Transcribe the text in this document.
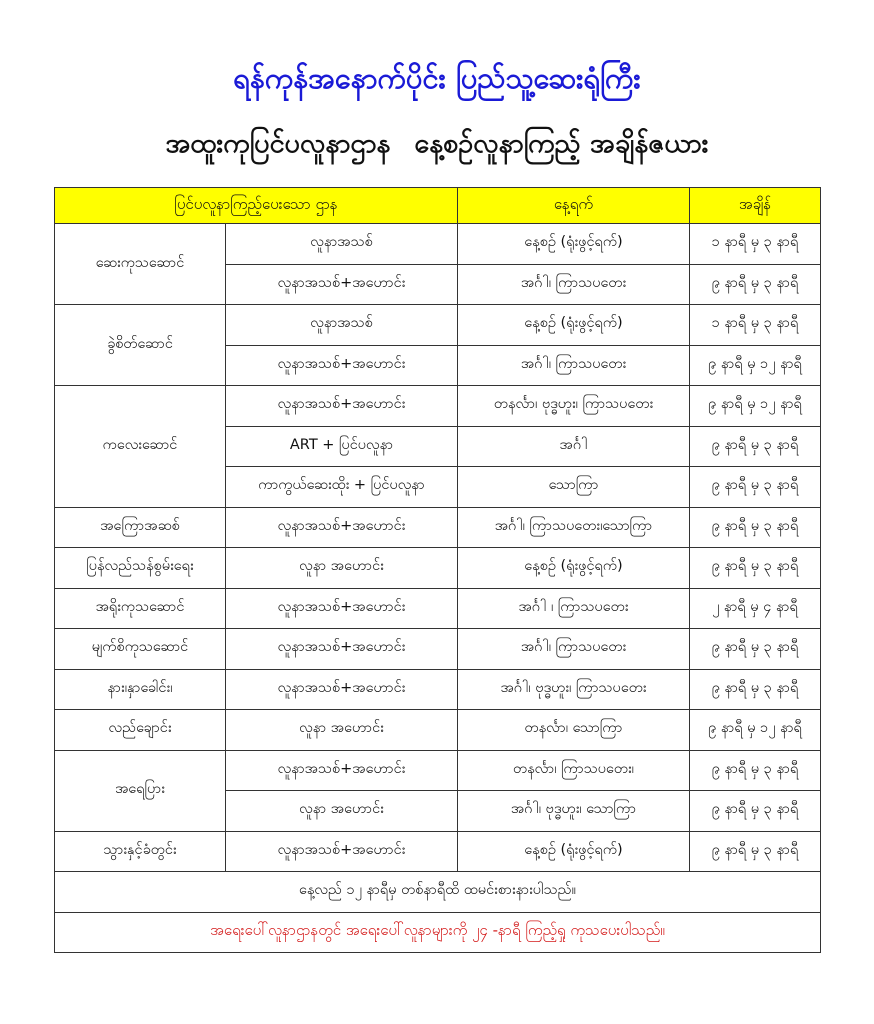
ရန်ကုန်အနောက်ပိုင်း ပြည်သူ့ဆေးရုံကြီး
အထူးကုပြင်ပလူနာဌာန နေ့စဉ်လူနာကြည့် အချိန်ဇယား
ပြင်ပလူနာကြည့်ပေးသော ဌာန		နေ့ရက်	အချိန်
ဆေးကုသဆောင်	လူနာအသစ်	နေ့စဉ် (ရုံးဖွင့်ရက်)	၁ နာရီ မှ ၃ နာရီ
	လူနာအသစ်+အဟောင်း	အင်္ဂါ၊ ကြာသပတေး	၉ နာရီ မှ ၃ နာရီ
ခွဲစိတ်ဆောင်	လူနာအသစ်	နေ့စဉ် (ရုံးဖွင့်ရက်)	၁ နာရီ မှ ၃ နာရီ
	လူနာအသစ်+အဟောင်း	အင်္ဂါ၊ ကြာသပတေး	၉ နာရီ မှ ၁၂ နာရီ
ကလေးဆောင်	လူနာအသစ်+အဟောင်း	တနင်္လာ၊ ဗုဒ္ဓဟူး၊ ကြာသပတေး	၉ နာရီ မှ ၁၂ နာရီ
	ART + ပြင်ပလူနာ	အင်္ဂါ	၉ နာရီ မှ ၃ နာရီ
	ကာကွယ်ဆေးထိုး + ပြင်ပလူနာ	သောကြာ	၉ နာရီ မှ ၃ နာရီ
အကြောအဆစ်	လူနာအသစ်+အဟောင်း	အင်္ဂါ၊ ကြာသပတေး၊သောကြာ	၉ နာရီ မှ ၃ နာရီ
ပြန်လည်သန်စွမ်းရေး	လူနာ အဟောင်း	နေ့စဉ် (ရုံးဖွင့်ရက်)	၉ နာရီ မှ ၃ နာရီ
အရိုးကုသဆောင်	လူနာအသစ်+အဟောင်း	အင်္ဂါ ၊ ကြာသပတေး	၂ နာရီ မှ ၄ နာရီ
မျက်စိကုသဆောင်	လူနာအသစ်+အဟောင်း	အင်္ဂါ၊ ကြာသပတေး	၉ နာရီ မှ ၃ နာရီ
နား၊နှာခေါင်း၊	လူနာအသစ်+အဟောင်း	အင်္ဂါ၊ ဗုဒ္ဓဟူး၊ ကြာသပတေး	၉ နာရီ မှ ၃ နာရီ
လည်ချောင်း	လူနာ အဟောင်း	တနင်္လာ၊ သောကြာ	၉ နာရီ မှ ၁၂ နာရီ
အရေပြား	လူနာအသစ်+အဟောင်း	တနင်္လာ၊ ကြာသပတေး၊	၉ နာရီ မှ ၃ နာရီ
	လူနာ အဟောင်း	အင်္ဂါ၊ ဗုဒ္ဓဟူး၊ သောကြာ	၉ နာရီ မှ ၃ နာရီ
သွားနှင့်ခံတွင်း	လူနာအသစ်+အဟောင်း	နေ့စဉ် (ရုံးဖွင့်ရက်)	၉ နာရီ မှ ၃ နာရီ
နေ့လည် ၁၂ နာရီမှ တစ်နာရီထိ ထမင်းစားနားပါသည်။			
အရေးပေါ်လူနာဌာနတွင် အရေးပေါ်လူနာများကို ၂၄ -နာရီ ကြည့်ရှု ကုသပေးပါသည်။			
